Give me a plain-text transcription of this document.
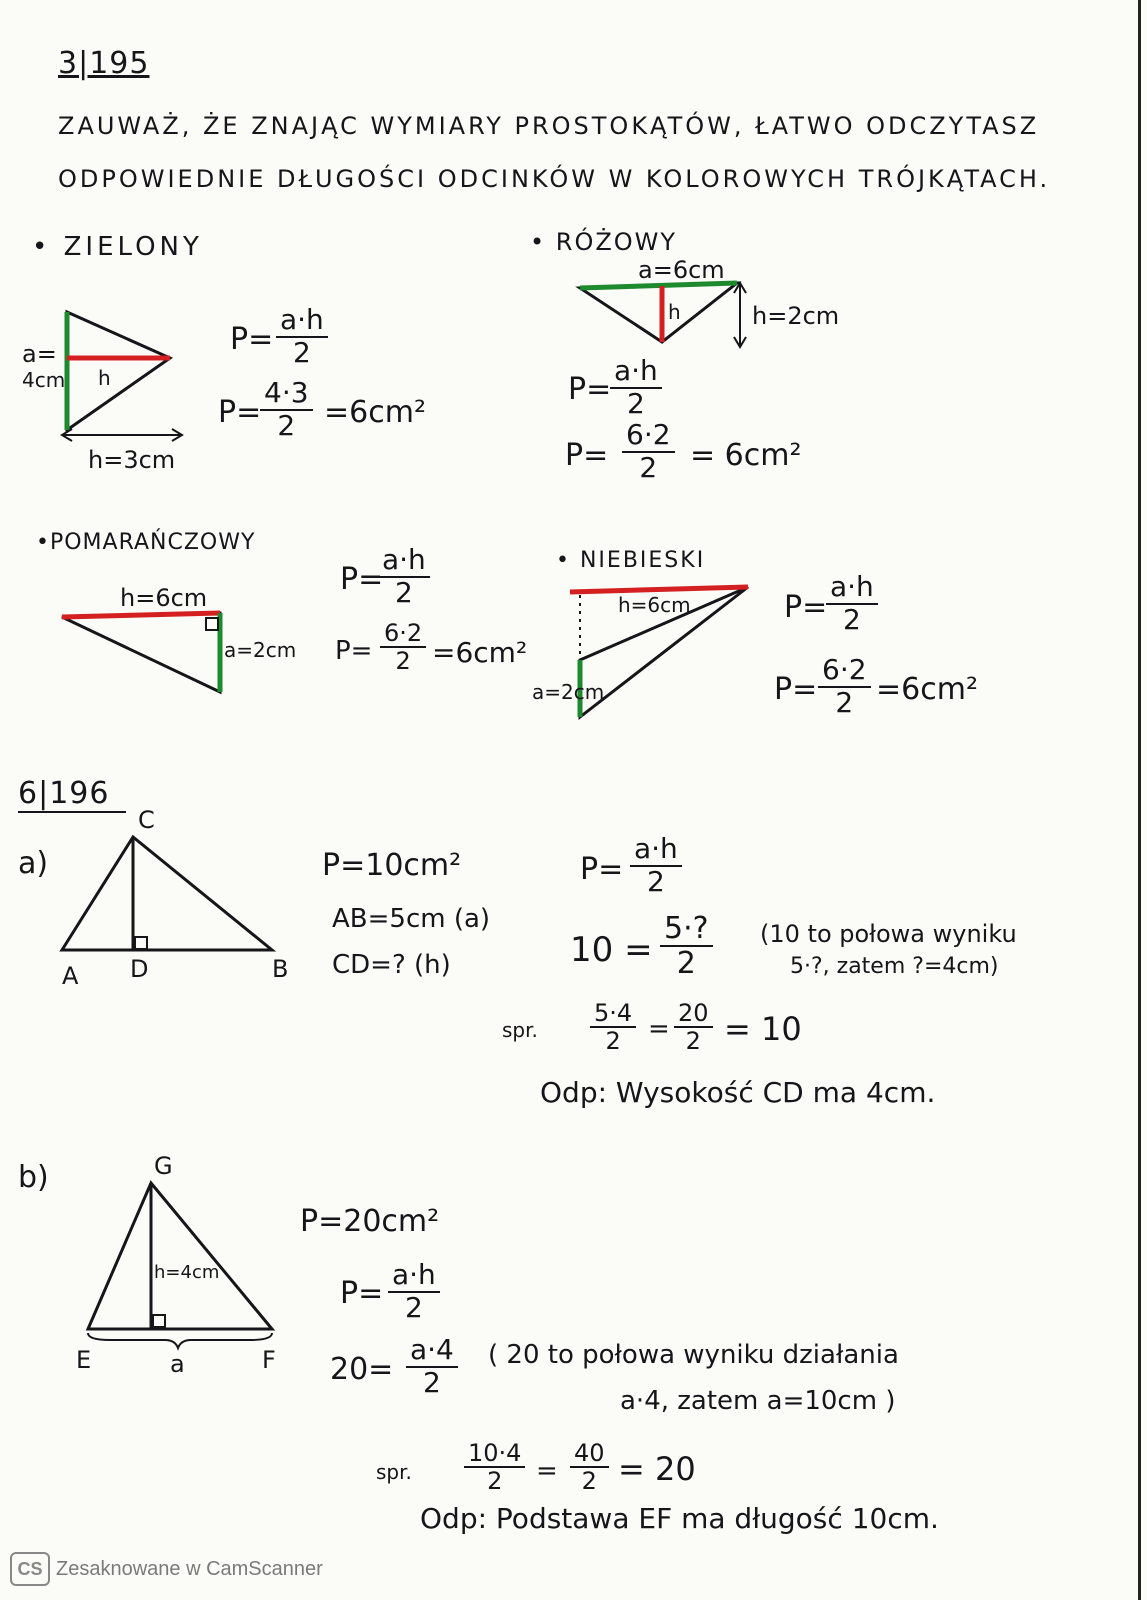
3|195
ZAUWAŻ, ŻE ZNAJĄC WYMIARY PROSTOKĄTÓW, ŁATWO ODCZYTASZ
ODPOWIEDNIE DŁUGOŚCI ODCINKÓW W KOLOROWYCH TRÓJKĄTACH.
• ZIELONY
a=
4cm h
h=3cm
$P= \frac{a\cdot h}{2}$
P=
$\frac{4\cdot 3}{2} =6cm^2$
• RÓŻOWY
a=6cm
h	h=2cm
P=
$\frac{a\cdot h}{2}$
$P= \frac{6\cdot 2}{2} = 6cm^2$
•POMARAŃCZOWY
h=6cm
a=2cm
P=
$\frac{a\cdot h}{2}$
$P= \frac{6\cdot 2}{2} =6cm^2$
• NIEBIESKI
h=6cm
a=2cm
P=
$\frac{a\cdot h}{2}$
$P= \frac{6\cdot 2}{2} =6cm^2$
6|196
a)
C
A D	B
P=10cm²
AB=5cm (a)
CD=? (h)
$P= \frac{a\cdot h}{2}$
$10 = \frac{5\cdot?}{2} (10$ to połowa wyniku
5·?, zatem ?=4cm)
spr. $\frac{5\cdot 4}{2} = \frac{20}{2} = 10$
Odp: Wysokość CD ma 4cm.
b)	G
E	F
h=4cm
a
P=20cm²
$P= \frac{a\cdot h}{2}$
$20= \frac{a\cdot 4}{2}$ ( 20 to połowa wyniku działania
a·4, zatem a=10cm )
spr. $\frac{10\cdot 4}{2} = \frac{40}{2} = 20$
Odp: Podstawa EF ma długość 10cm.
CS Zesaknowane w CamScanner
